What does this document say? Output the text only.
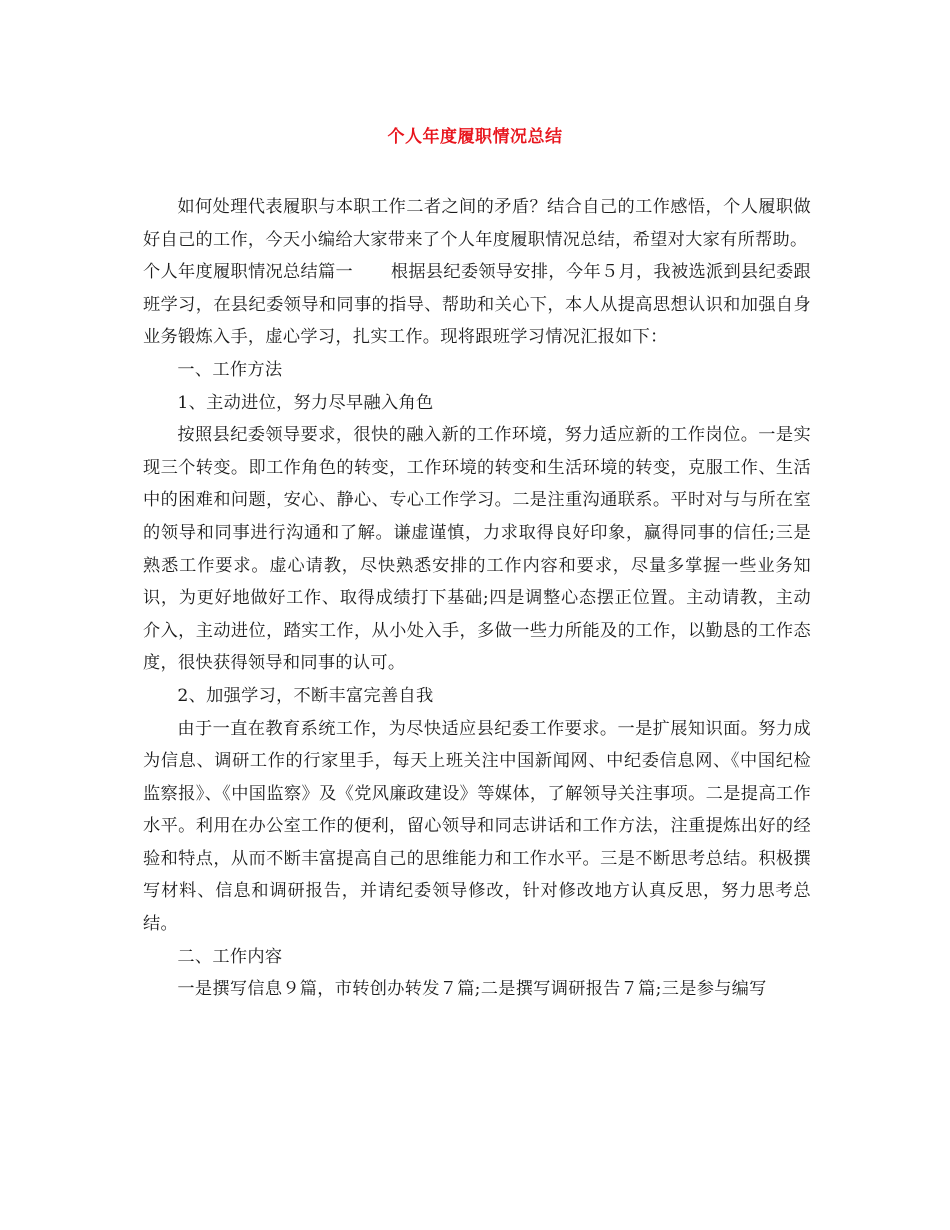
个人年度履职情况总结

如何处理代表履职与本职工作二者之间的矛盾？结合自己的工作感悟，个人履职做好自己的工作，今天小编给大家带来了个人年度履职情况总结，希望对大家有所帮助。

个人年度履职情况总结篇一 根据县纪委领导安排，今年５月，我被选派到县纪委跟班学习，在县纪委领导和同事的指导、帮助和关心下，本人从提高思想认识和加强自身业务锻炼入手，虚心学习，扎实工作。现将跟班学习情况汇报如下：

一、工作方法

1、主动进位，努力尽早融入角色

按照县纪委领导要求，很快的融入新的工作环境，努力适应新的工作岗位。一是实现三个转变。即工作角色的转变，工作环境的转变和生活环境的转变，克服工作、生活中的困难和问题，安心、静心、专心工作学习。二是注重沟通联系。平时对与与所在室的领导和同事进行沟通和了解。谦虚谨慎，力求取得良好印象，赢得同事的信任;三是熟悉工作要求。虚心请教，尽快熟悉安排的工作内容和要求，尽量多掌握一些业务知识，为更好地做好工作、取得成绩打下基础;四是调整心态摆正位置。主动请教，主动介入，主动进位，踏实工作，从小处入手，多做一些力所能及的工作，以勤恳的工作态度，很快获得领导和同事的认可。

2、加强学习，不断丰富完善自我

由于一直在教育系统工作，为尽快适应县纪委工作要求。一是扩展知识面。努力成为信息、调研工作的行家里手，每天上班关注中国新闻网、中纪委信息网、《中国纪检监察报》、《中国监察》及《党风廉政建设》等媒体，了解领导关注事项。二是提高工作水平。利用在办公室工作的便利，留心领导和同志讲话和工作方法，注重提炼出好的经验和特点，从而不断丰富提高自己的思维能力和工作水平。三是不断思考总结。积极撰写材料、信息和调研报告，并请纪委领导修改，针对修改地方认真反思，努力思考总结。

二、工作内容

一是撰写信息９篇，市转创办转发７篇;二是撰写调研报告７篇;三是参与编写
